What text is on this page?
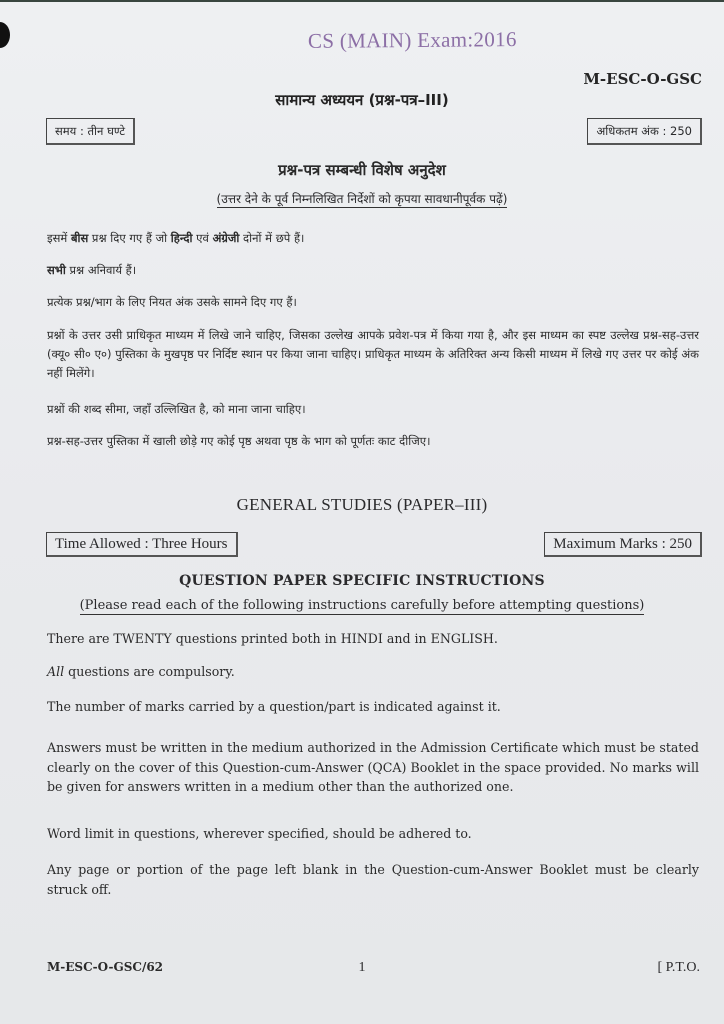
CS (MAIN) Exam:2016
M-ESC-O-GSC
सामान्य अध्ययन (प्रश्न-पत्र–III)
समय : तीन घण्टे	अधिकतम अंक : 250
प्रश्न-पत्र सम्बन्धी विशेष अनुदेश
(उत्तर देने के पूर्व निम्नलिखित निर्देशों को कृपया सावधानीपूर्वक पढ़ें)
इसमें बीस प्रश्न दिए गए हैं जो हिन्दी एवं अंग्रेजी दोनों में छपे हैं।
सभी प्रश्न अनिवार्य हैं।
प्रत्येक प्रश्न/भाग के लिए नियत अंक उसके सामने दिए गए हैं।
प्रश्नों के उत्तर उसी प्राधिकृत माध्यम में लिखे जाने चाहिए, जिसका उल्लेख आपके प्रवेश-पत्र में किया गया है, और इस माध्यम का स्पष्ट उल्लेख प्रश्न-सह-उत्तर (क्यू० सी० ए०) पुस्तिका के मुखपृष्ठ पर निर्दिष्ट स्थान पर किया जाना चाहिए। प्राधिकृत माध्यम के अतिरिक्त अन्य किसी माध्यम में लिखे गए उत्तर पर कोई अंक नहीं मिलेंगे।
प्रश्नों की शब्द सीमा, जहाँ उल्लिखित है, को माना जाना चाहिए।
प्रश्न-सह-उत्तर पुस्तिका में खाली छोड़े गए कोई पृष्ठ अथवा पृष्ठ के भाग को पूर्णतः काट दीजिए।
GENERAL STUDIES (PAPER–III)
Time Allowed : Three Hours	Maximum Marks : 250
QUESTION PAPER SPECIFIC INSTRUCTIONS
(Please read each of the following instructions carefully before attempting questions)
There are TWENTY questions printed both in HINDI and in ENGLISH.
All questions are compulsory.
The number of marks carried by a question/part is indicated against it.
Answers must be written in the medium authorized in the Admission Certificate which must be stated clearly on the cover of this Question-cum-Answer (QCA) Booklet in the space provided. No marks will be given for answers written in a medium other than the authorized one.
Word limit in questions, wherever specified, should be adhered to.
Any page or portion of the page left blank in the Question-cum-Answer Booklet must be clearly struck off.
M-ESC-O-GSC/62	1	[ P.T.O.
